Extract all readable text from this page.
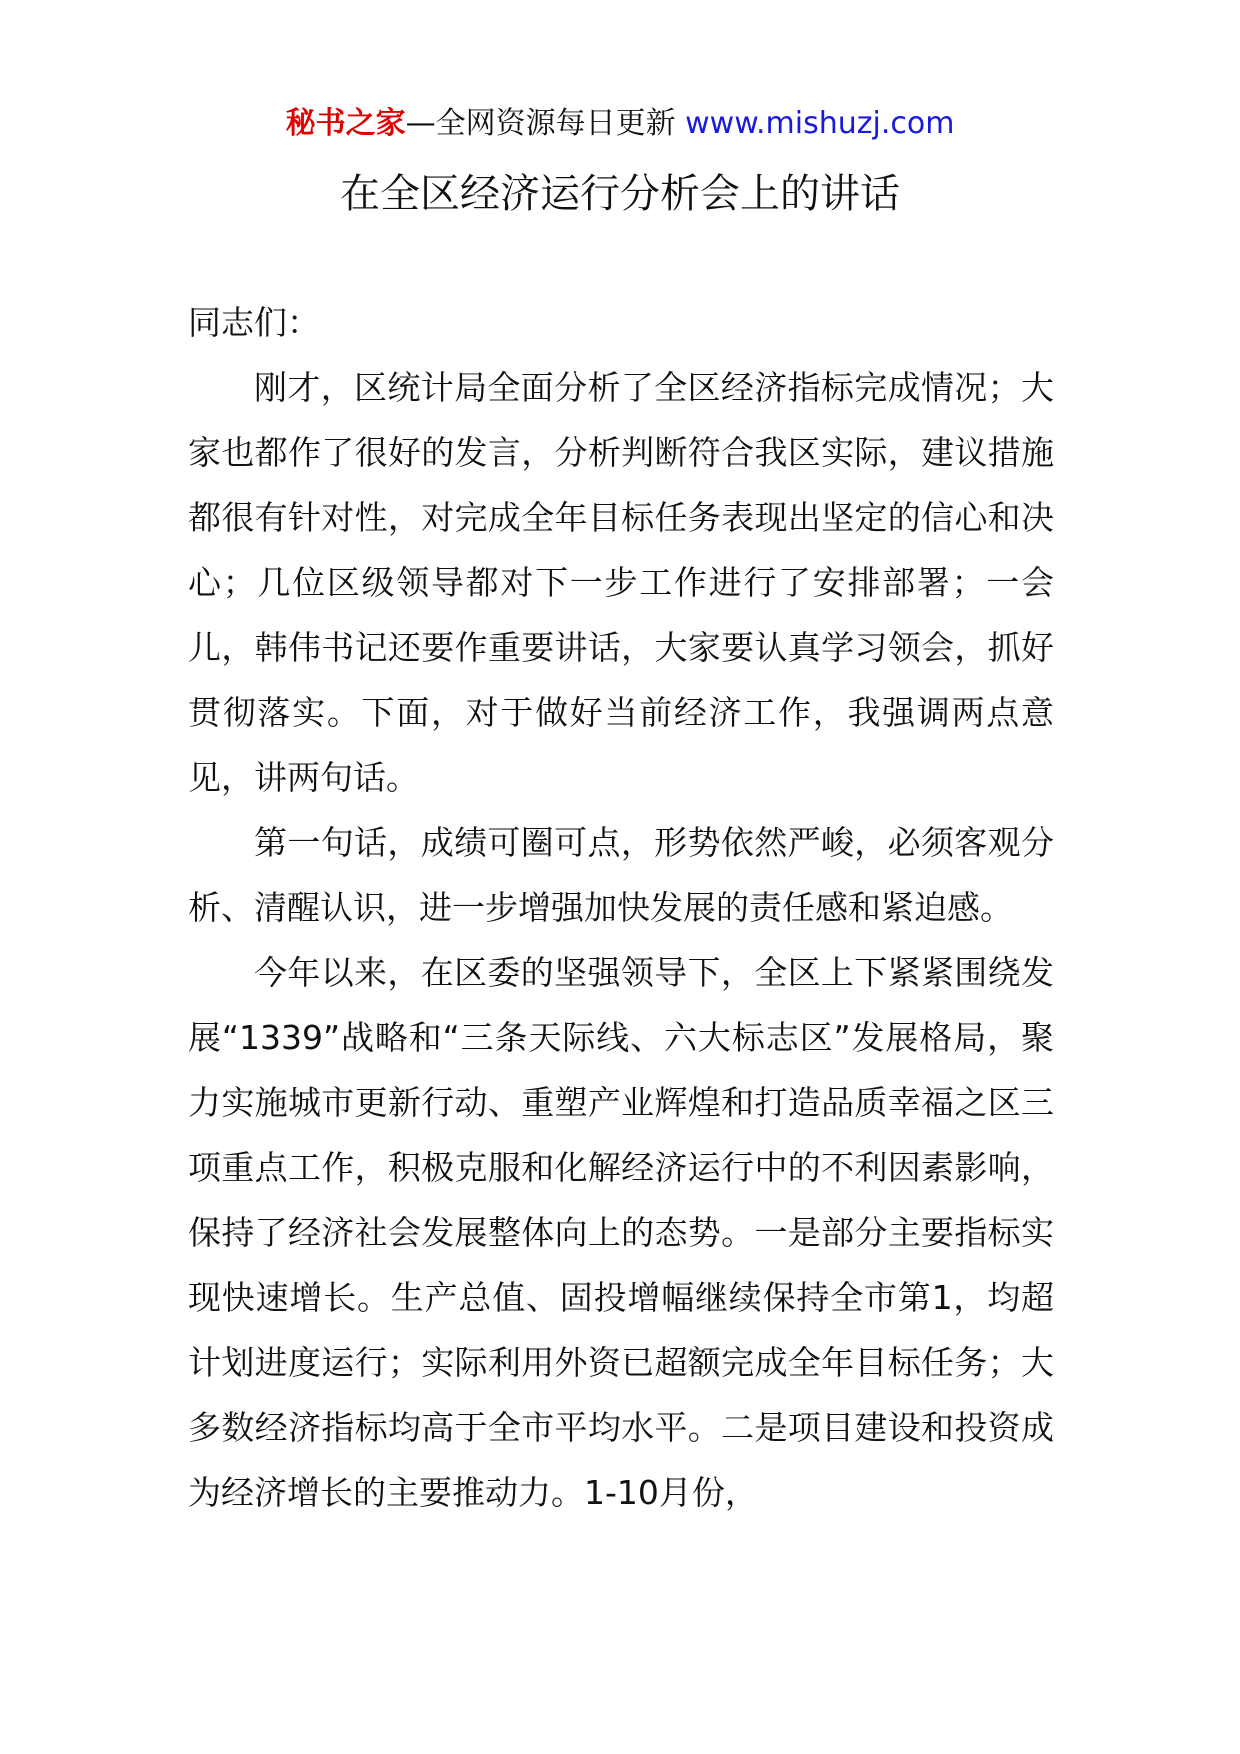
秘书之家—全网资源每日更新 www.mishuzj.com
在全区经济运行分析会上的讲话

同志们：

刚才，区统计局全面分析了全区经济指标完成情况；大家也都作了很好的发言，分析判断符合我区实际，建议措施都很有针对性，对完成全年目标任务表现出坚定的信心和决心；几位区级领导都对下一步工作进行了安排部署；一会儿，韩伟书记还要作重要讲话，大家要认真学习领会，抓好贯彻落实。下面，对于做好当前经济工作，我强调两点意见，讲两句话。

第一句话，成绩可圈可点，形势依然严峻，必须客观分析、清醒认识，进一步增强加快发展的责任感和紧迫感。

今年以来，在区委的坚强领导下，全区上下紧紧围绕发展“1339”战略和“三条天际线、六大标志区”发展格局，聚力实施城市更新行动、重塑产业辉煌和打造品质幸福之区三项重点工作，积极克服和化解经济运行中的不利因素影响，保持了经济社会发展整体向上的态势。一是部分主要指标实现快速增长。生产总值、固投增幅继续保持全市第1，均超计划进度运行；实际利用外资已超额完成全年目标任务；大多数经济指标均高于全市平均水平。二是项目建设和投资成为经济增长的主要推动力。1-10月份，
